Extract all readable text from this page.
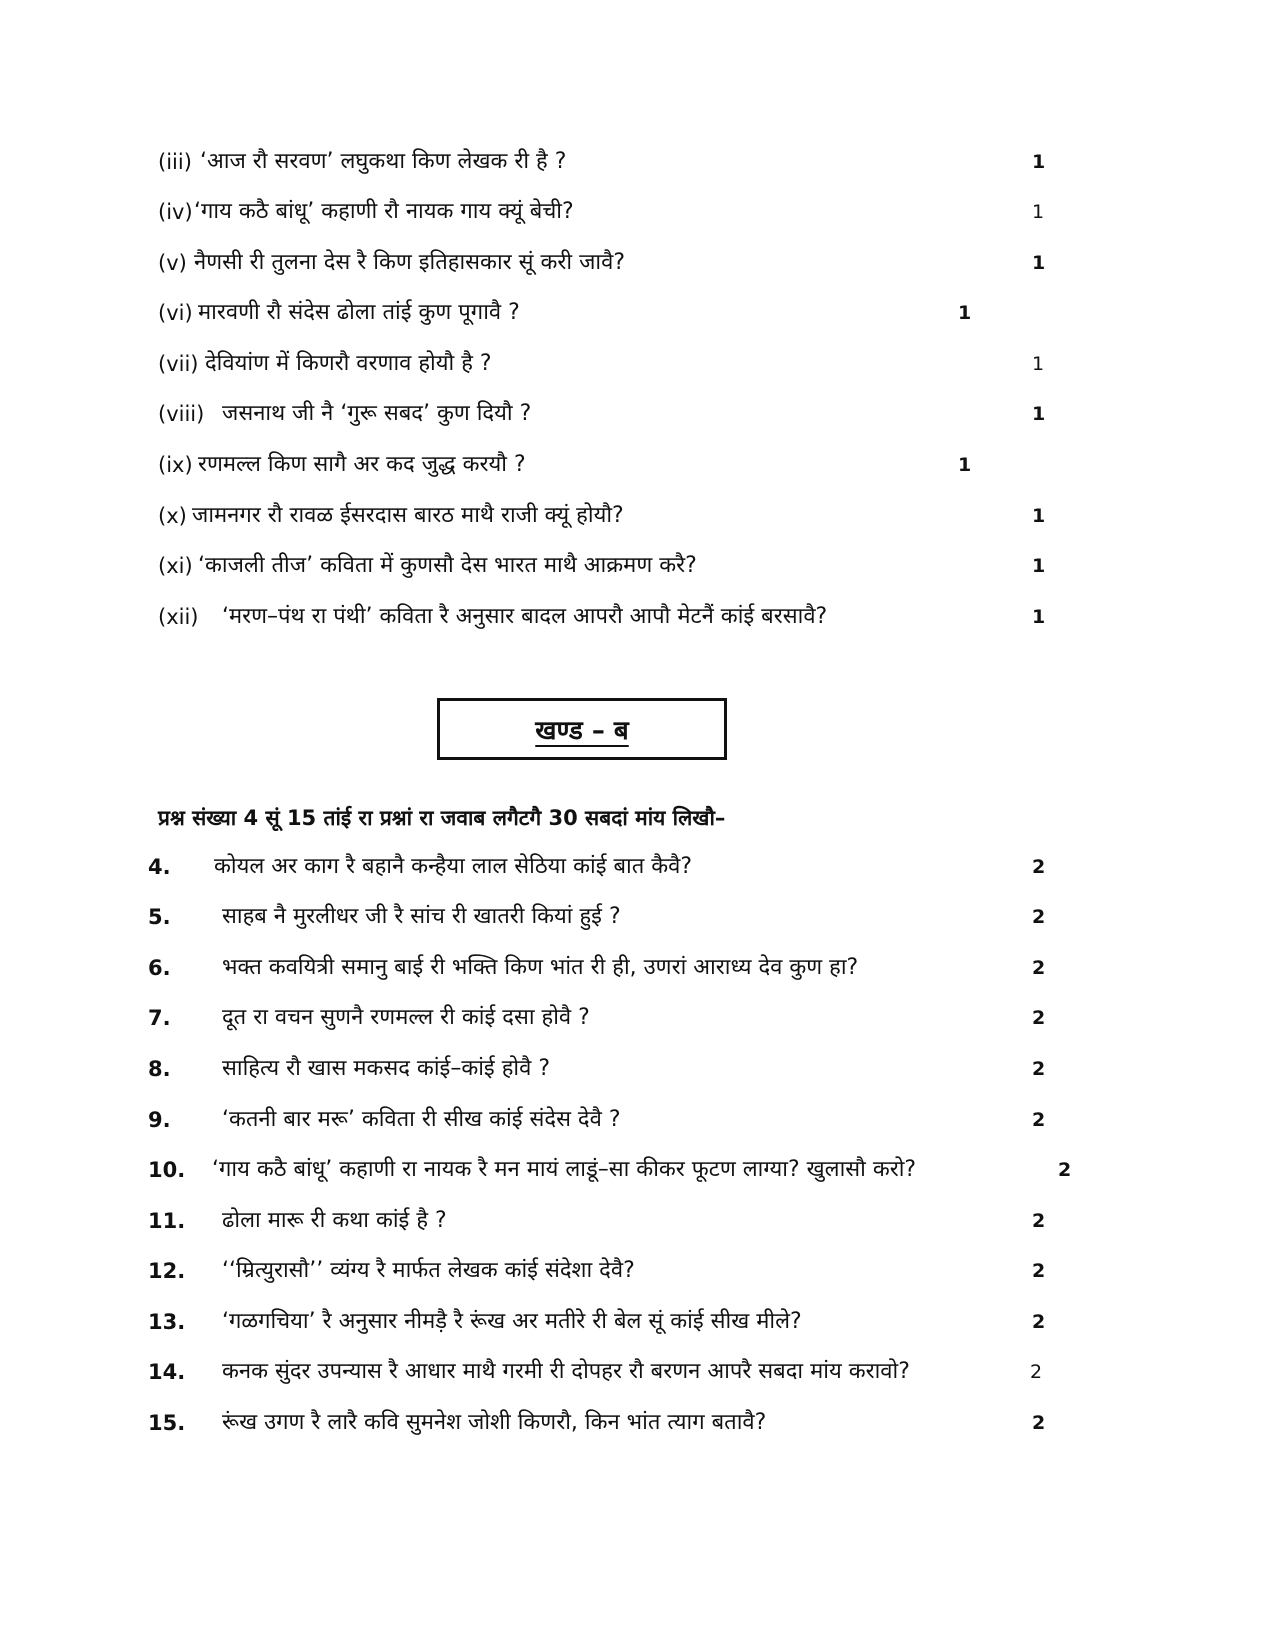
(iii) ‘आज रौ सरवण’ लघुकथा किण लेखक री है ?	1
(iv) ‘गाय कठै बांधू’ कहाणी रौ नायक गाय क्यूं बेची?	1
(v) नैणसी री तुलना देस रै किण इतिहासकार सूं करी जावै?	1
(vi) मारवणी रौ संदेस ढोला तांई कुण पूगावै ?	1
(vii) देवियांण में किणरौ वरणाव होयौ है ?	1
(viii) जसनाथ जी नै ‘गुरू सबद’ कुण दियौ ?	1
(ix) रणमल्ल किण सागै अर कद जुद्ध करयौ ?	1
(x) जामनगर रौ रावळ ईसरदास बारठ माथै राजी क्यूं होयौ?	1
(xi) ‘काजली तीज’ कविता में कुणसौ देस भारत माथै आक्रमण करै?	1
(xii) ‘मरण–पंथ रा पंथी’ कविता रै अनुसार बादल आपरौ आपौ मेटनैं कांई बरसावै?	1
खण्ड – ब
प्रश्न संख्या 4 सूं 15 तांई रा प्रश्नां रा जवाब लगैटगै 30 सबदां मांय लिखौ–
4. कोयल अर काग रै बहानै कन्हैया लाल सेठिया कांई बात कैवै?	2
5. साहब नै मुरलीधर जी रै सांच री खातरी कियां हुई ?	2
6. भक्त कवयित्री समानु बाई री भक्ति किण भांत री ही, उणरां आराध्य देव कुण हा?	2
7. दूत रा वचन सुणनै रणमल्ल री कांई दसा होवै ?	2
8. साहित्य रौ खास मकसद कांई–कांई होवै ?	2
9. ‘कतनी बार मरू’ कविता री सीख कांई संदेस देवै ?	2
10. ‘गाय कठै बांधू’ कहाणी रा नायक रै मन मायं लाडूं–सा कीकर फूटण लाग्या? खुलासौ करो?	2
11. ढोला मारू री कथा कांई है ?	2
12. ‘‘म्रित्युरासौ’’ व्यंग्य रै मार्फत लेखक कांई संदेशा देवै?	2
13. ‘गळगचिया’ रै अनुसार नीमड़ै रै रूंख अर मतीरे री बेल सूं कांई सीख मीले?	2
14. कनक सुंदर उपन्यास रै आधार माथै गरमी री दोपहर रौ बरणन आपरै सबदा मांय करावो?	2
15. रूंख उगण रै लारै कवि सुमनेश जोशी किणरौ, किन भांत त्याग बतावै?	2
